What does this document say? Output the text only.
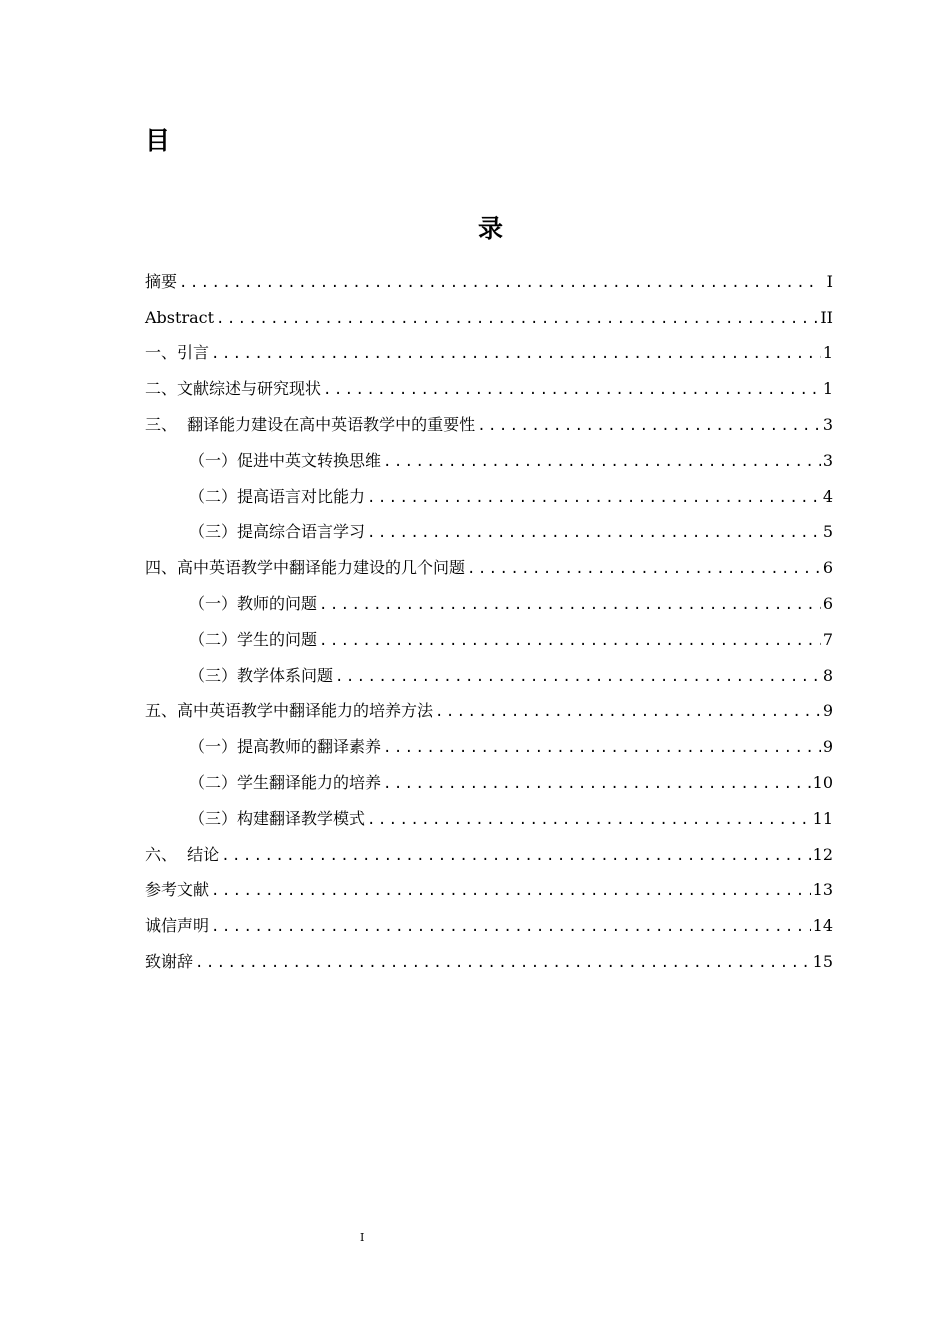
目
录
摘要 .....	Ⅰ
Abstract .....	II
一、引言 .....	1
二、文献综述与研究现状 .....	1
三、  翻译能力建设在高中英语教学中的重要性 .....	3
（一）促进中英文转换思维 .....	3
（二）提高语言对比能力 .....	4
（三）提高综合语言学习 .....	5
四、高中英语教学中翻译能力建设的几个问题 .....	6
（一）教师的问题 .....	6
（二）学生的问题 .....	7
（三）教学体系问题 .....	8
五、高中英语教学中翻译能力的培养方法 .....	9
（一）提高教师的翻译素养 .....	9
（二）学生翻译能力的培养 .....	10
（三）构建翻译教学模式 .....	11
六、  结论 .....	12
参考文献 .....	13
诚信声明 .....	14
致谢辞 .....	15
I
